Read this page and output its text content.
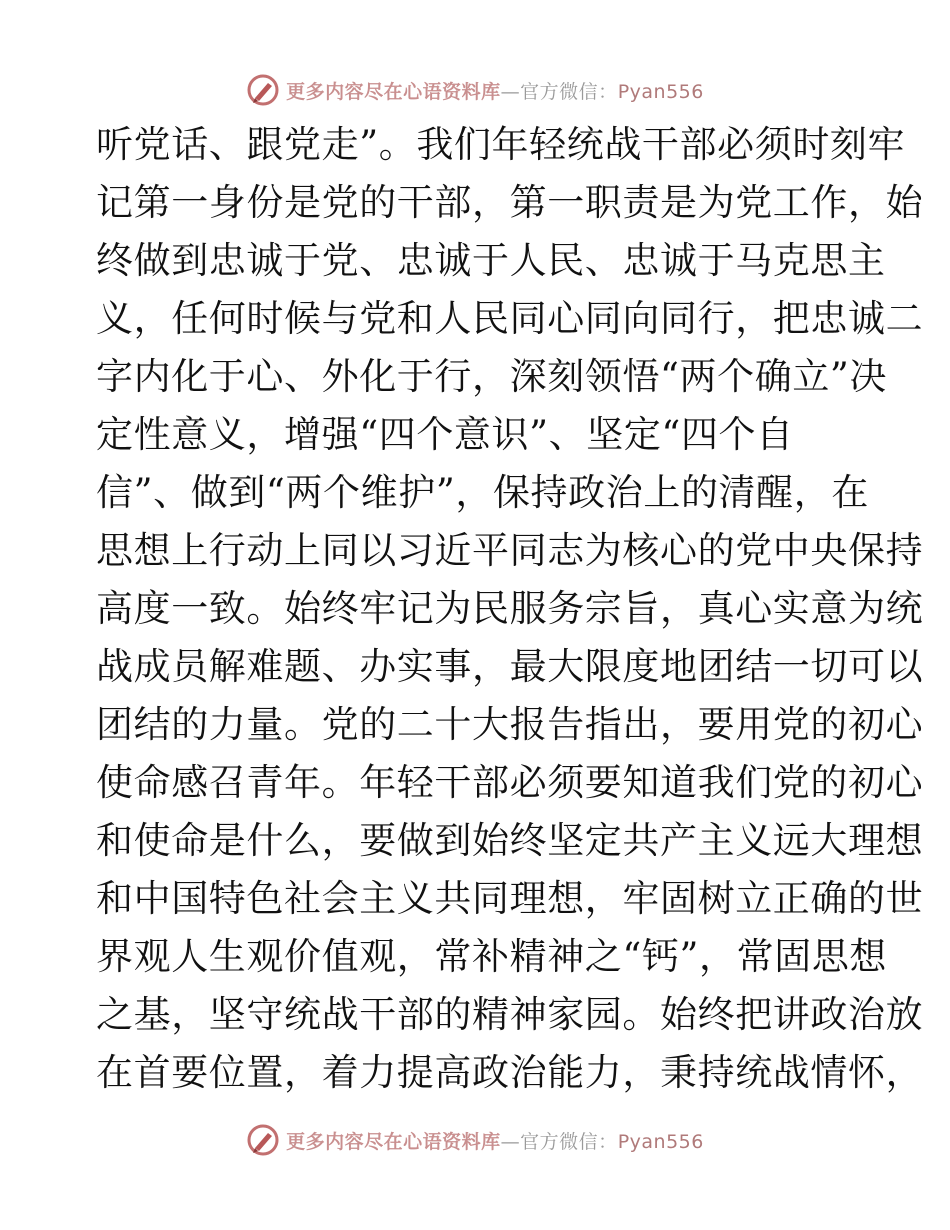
更多内容尽在心语资料库—官方微信：Pyan556
听党话、跟党走”。我们年轻统战干部必须时刻牢
记第一身份是党的干部，第一职责是为党工作，始
终做到忠诚于党、忠诚于人民、忠诚于马克思主
义，任何时候与党和人民同心同向同行，把忠诚二
字内化于心、外化于行，深刻领悟“两个确立”决
定性意义，增强“四个意识”、坚定“四个自
信”、做到“两个维护”，保持政治上的清醒，在
思想上行动上同以习近平同志为核心的党中央保持
高度一致。始终牢记为民服务宗旨，真心实意为统
战成员解难题、办实事，最大限度地团结一切可以
团结的力量。党的二十大报告指出，要用党的初心
使命感召青年。年轻干部必须要知道我们党的初心
和使命是什么，要做到始终坚定共产主义远大理想
和中国特色社会主义共同理想，牢固树立正确的世
界观人生观价值观，常补精神之“钙”，常固思想
之基，坚守统战干部的精神家园。始终把讲政治放
在首要位置，着力提高政治能力，秉持统战情怀，
更多内容尽在心语资料库—官方微信：Pyan556
